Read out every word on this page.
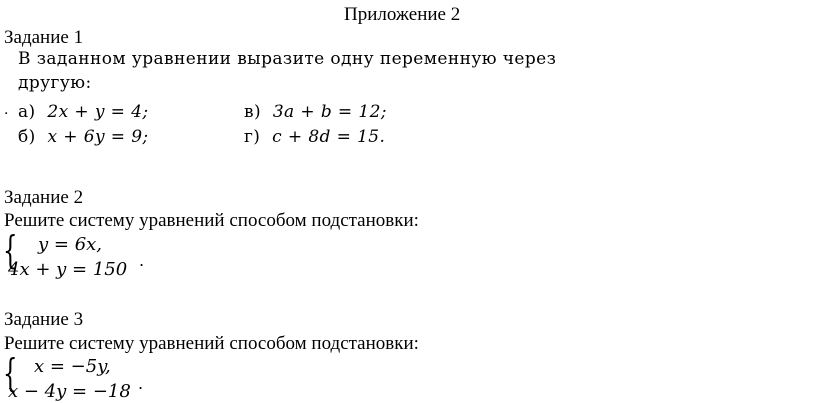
Приложение 2
Задание 1
В заданном уравнении выразите одну переменную через
другую:
. а) 2x + y = 4;	в) 3a + b = 12;
б) x + 6y = 9;	г) c + 8d = 15.
Задание 2
Решите систему уравнений способом подстановки:
{ y = 6x,
4x + y = 150 .
Задание 3
Решите систему уравнений способом подстановки:
{ x = −5y,
x − 4y = −18 .
